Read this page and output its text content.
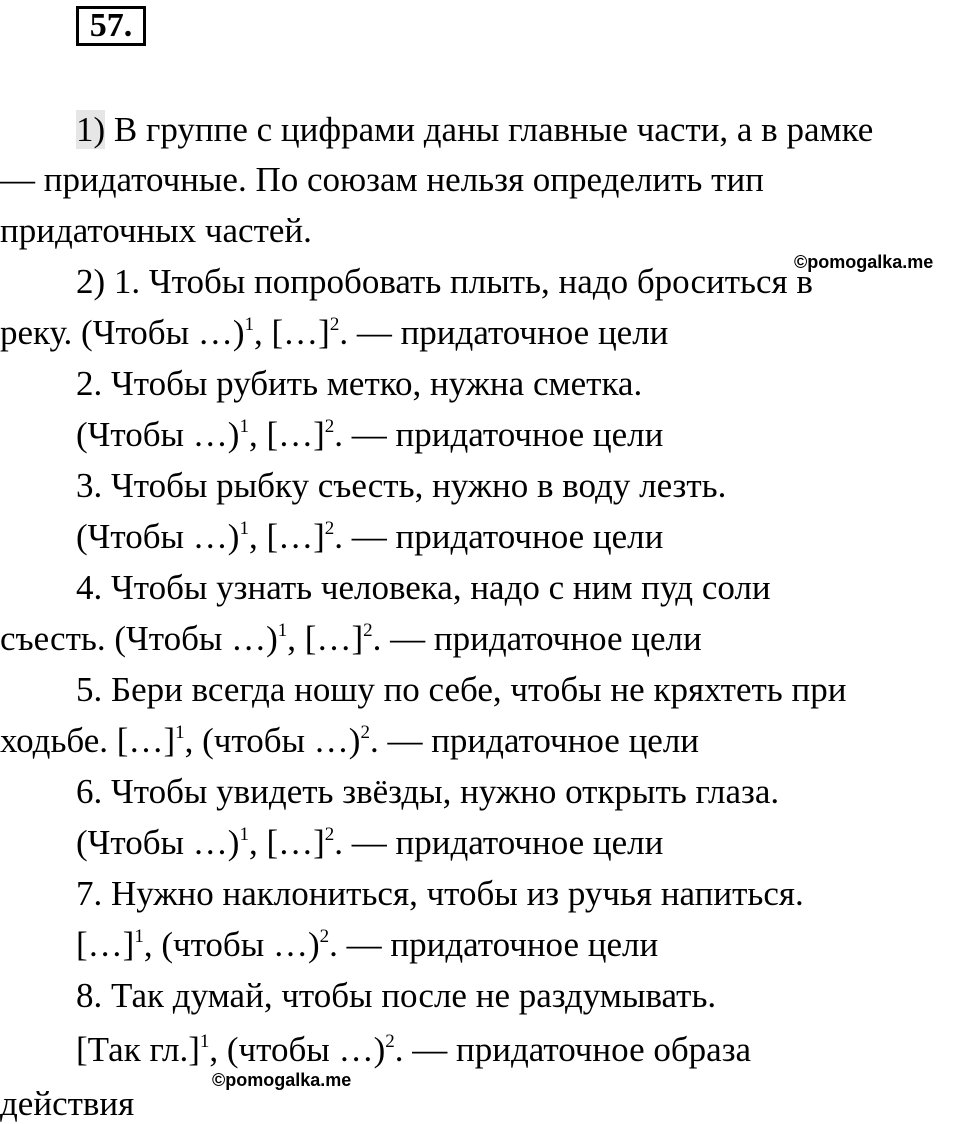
57.
1) В группе с цифрами даны главные части, а в рамке
— придаточные. По союзам нельзя определить тип
придаточных частей.
©pomogalka.me
2) 1. Чтобы попробовать плыть, надо броситься в
реку. (Чтобы …)$^1$, […]$^2$. — придаточное цели
2. Чтобы рубить метко, нужна сметка.
(Чтобы …)$^1$, […]$^2$. — придаточное цели
3. Чтобы рыбку съесть, нужно в воду лезть.
(Чтобы …)$^1$, […]$^2$. — придаточное цели
4. Чтобы узнать человека, надо с ним пуд соли
съесть. (Чтобы …)$^1$, […]$^2$. — придаточное цели
5. Бери всегда ношу по себе, чтобы не кряхтеть при
ходьбе. […]$^1$, (чтобы …)$^2$. — придаточное цели
6. Чтобы увидеть звёзды, нужно открыть глаза.
(Чтобы …)$^1$, […]$^2$. — придаточное цели
7. Нужно наклониться, чтобы из ручья напиться.
[…]$^1$, (чтобы …)$^2$. — придаточное цели
8. Так думай, чтобы после не раздумывать.
[Так гл.]$^1$, (чтобы …)$^2$. — придаточное образа
©pomogalka.me
действия
